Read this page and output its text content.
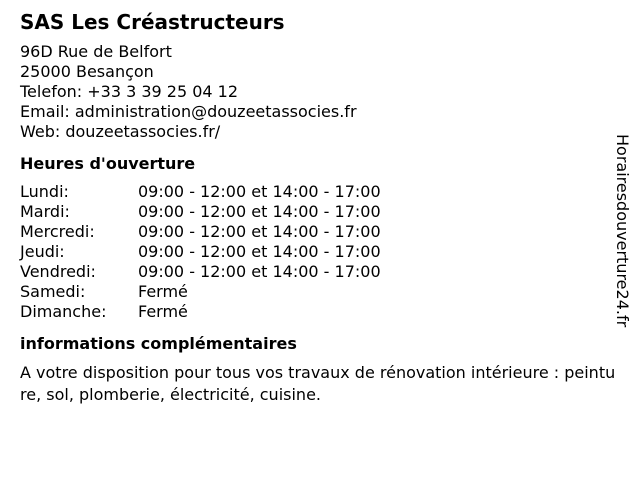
SAS Les Créastructeurs
96D Rue de Belfort
25000 Besançon
Telefon: +33 3 39 25 04 12
Email: administration@douzeetassocies.fr
Web: douzeetassocies.fr/
Heures d'ouverture
Lundi:	09:00 - 12:00 et 14:00 - 17:00
Mardi:	09:00 - 12:00 et 14:00 - 17:00
Mercredi:	09:00 - 12:00 et 14:00 - 17:00
Jeudi:	09:00 - 12:00 et 14:00 - 17:00
Vendredi:	09:00 - 12:00 et 14:00 - 17:00
Samedi:	Fermé
Dimanche:	Fermé
informations complémentaires
A votre disposition pour tous vos travaux de rénovation intérieure : peinture, sol, plomberie, électricité, cuisine.
Horairesdouverture24.fr
